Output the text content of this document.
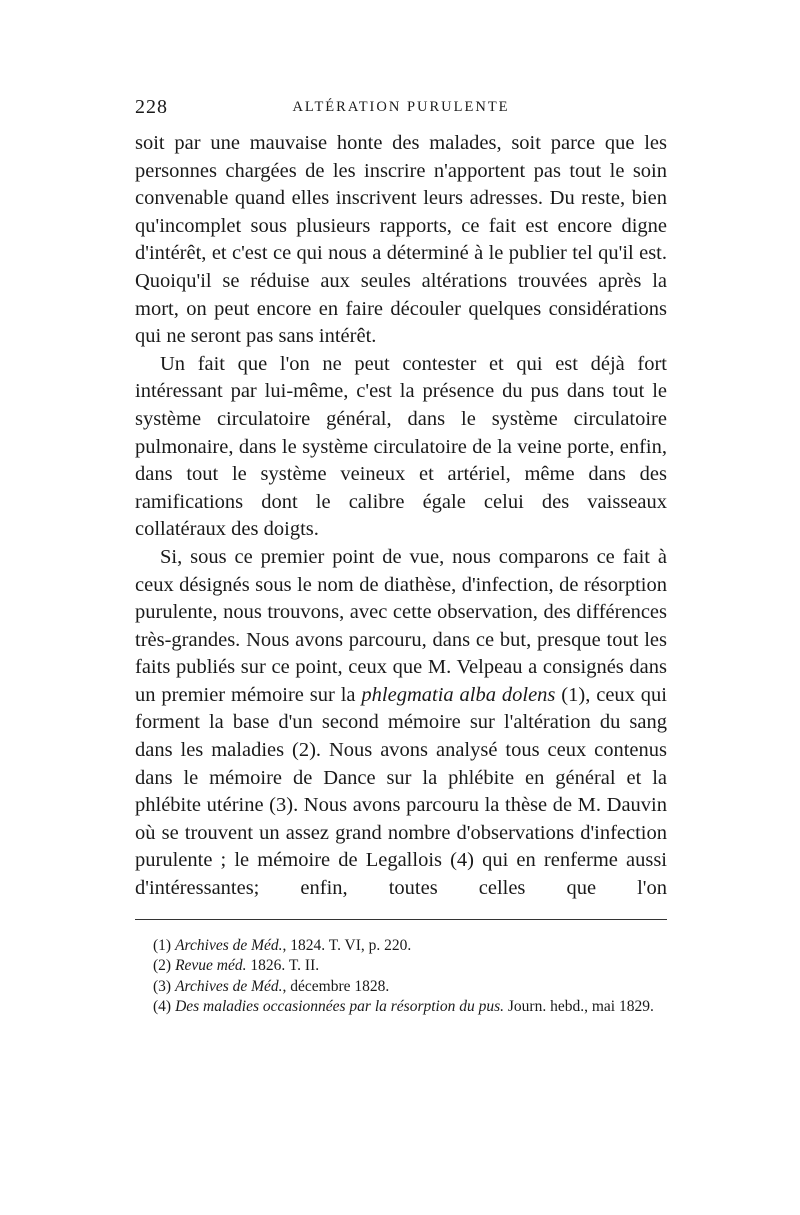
228	ALTÉRATION PURULENTE

soit par une mauvaise honte des malades, soit parce que les personnes chargées de les inscrire n'apportent pas tout le soin convenable quand elles inscrivent leurs adresses. Du reste, bien qu'incomplet sous plusieurs rapports, ce fait est encore digne d'intérêt, et c'est ce qui nous a déterminé à le publier tel qu'il est. Quoiqu'il se réduise aux seules altérations trouvées après la mort, on peut encore en faire découler quelques considérations qui ne seront pas sans intérêt.

Un fait que l'on ne peut contester et qui est déjà fort intéressant par lui-même, c'est la présence du pus dans tout le système circulatoire général, dans le système circulatoire pulmonaire, dans le système circulatoire de la veine porte, enfin, dans tout le système veineux et artériel, même dans des ramifications dont le calibre égale celui des vaisseaux collatéraux des doigts.

Si, sous ce premier point de vue, nous comparons ce fait à ceux désignés sous le nom de diathèse, d'infection, de résorption purulente, nous trouvons, avec cette observation, des différences très-grandes. Nous avons parcouru, dans ce but, presque tout les faits publiés sur ce point, ceux que M. Velpeau a consignés dans un premier mémoire sur la phlegmatia alba dolens (1), ceux qui forment la base d'un second mémoire sur l'altération du sang dans les maladies (2). Nous avons analysé tous ceux contenus dans le mémoire de Dance sur la phlébite en général et la phlébite utérine (3). Nous avons parcouru la thèse de M. Dauvin où se trouvent un assez grand nombre d'observations d'infection purulente ; le mémoire de Legallois (4) qui en renferme aussi d'intéressantes; enfin, toutes celles que l'on

(1) Archives de Méd., 1824. T. VI, p. 220.

(2) Revue méd. 1826. T. II.

(3) Archives de Méd., décembre 1828.

(4) Des maladies occasionnées par la résorption du pus. Journ. hebd., mai 1829.
